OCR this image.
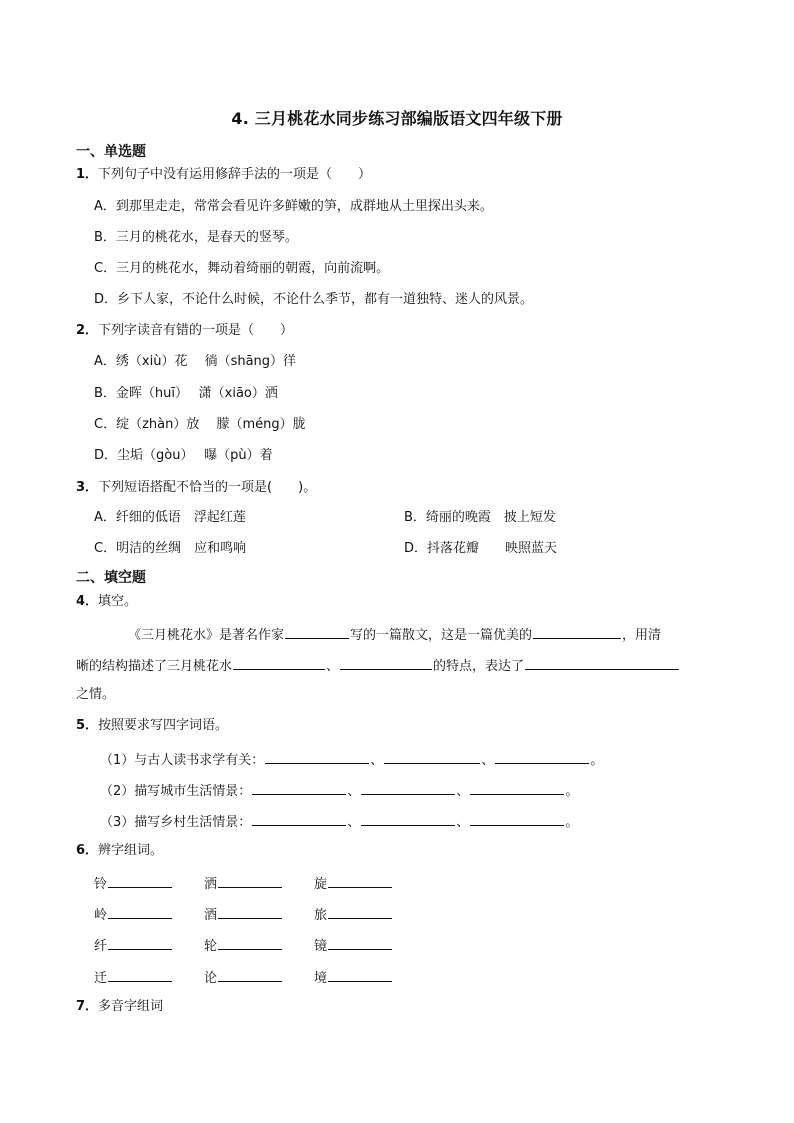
4. 三月桃花水同步练习部编版语文四年级下册
一、单选题
1．下列句子中没有运用修辞手法的一项是（　　）
A．到那里走走，常常会看见许多鲜嫩的笋，成群地从土里探出头来。
B．三月的桃花水，是春天的竖琴。
C．三月的桃花水，舞动着绮丽的朝霞，向前流啊。
D．乡下人家，不论什么时候，不论什么季节，都有一道独特、迷人的风景。
2．下列字读音有错的一项是（　　）
A．绣（xiù）花　 徜（shāng）徉
B．金晖（huī）　 潇（xiāo）洒
C．绽（zhàn）放　 朦（méng）胧
D．尘垢（gòu）　 曝（pù）着
3．下列短语搭配不恰当的一项是(　　)。
A．纤细的低语　浮起红莲	B．绮丽的晚霞　披上短发
C．明洁的丝绸　应和鸣响	D．抖落花瓣　　映照蓝天
二、填空题
4．填空。
《三月桃花水》是著名作家	写的一篇散文，这是一篇优美的	，用清
晰的结构描述了三月桃花水	、	的特点，表达了
之情。
5．按照要求写四字词语。
（1）与古人读书求学有关：	、	、	。
（2）描写城市生活情景：	、	、	。
（3）描写乡村生活情景：	、	、	。
6．辨字组词。
铃	洒	旋
岭	酒	旅
纤	轮	镜
迁	论	境
7．多音字组词
